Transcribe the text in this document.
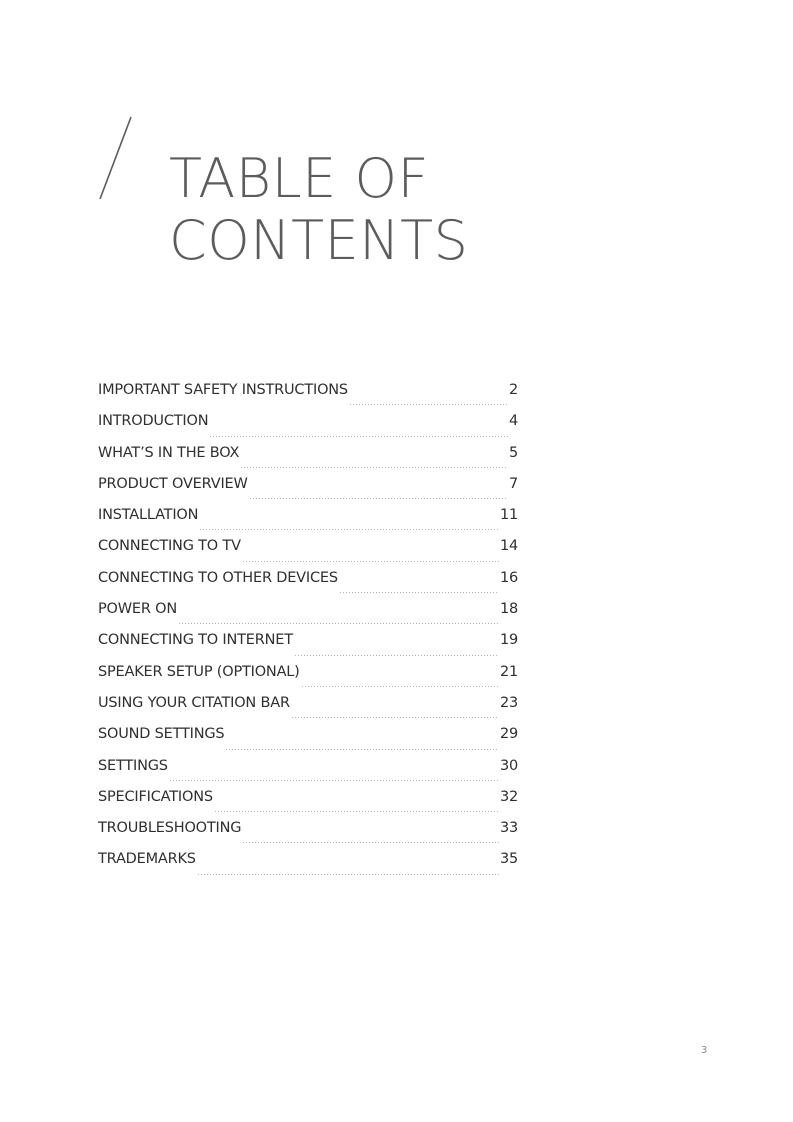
TABLE OF
CONTENTS
IMPORTANT SAFETY INSTRUCTIONS	2
INTRODUCTION	4
WHAT’S IN THE BOX	5
PRODUCT OVERVIEW	7
INSTALLATION	11
CONNECTING TO TV	14
CONNECTING TO OTHER DEVICES	16
POWER ON	18
CONNECTING TO INTERNET	19
SPEAKER SETUP (OPTIONAL)	21
USING YOUR CITATION BAR	23
SOUND SETTINGS	29
SETTINGS	30
SPECIFICATIONS	32
TROUBLESHOOTING	33
TRADEMARKS	35
3
